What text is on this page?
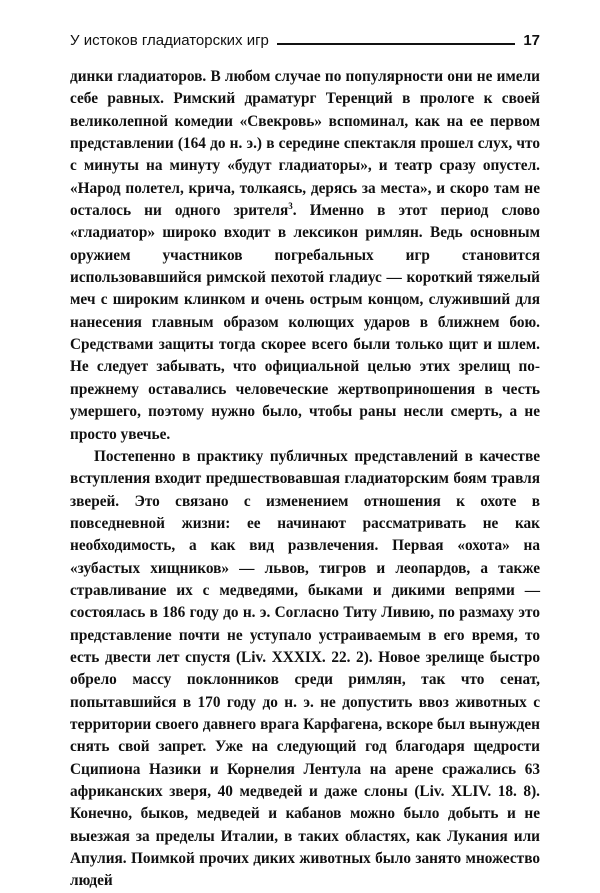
У истоков гладиаторских игр	17

динки гладиаторов. В любом случае по популярности они не имели себе равных. Римский драматург Теренций в прологе к своей великолепной комедии «Свекровь» вспоминал, как на ее первом представлении (164 до н. э.) в середине спектакля прошел слух, что с минуты на минуту «будут гладиаторы», и театр сразу опустел. «Народ полетел, крича, толкаясь, дерясь за места», и скоро там не осталось ни одного зрителя$^3$. Именно в этот период слово «гладиатор» широко входит в лексикон римлян. Ведь основным оружием участников погребальных игр становится использовавшийся римской пехотой гладиус — короткий тяжелый меч с широким клинком и очень острым концом, служивший для нанесения главным образом колющих ударов в ближнем бою. Средствами защиты тогда скорее всего были только щит и шлем. Не следует забывать, что официальной целью этих зрелищ по-прежнему оставались человеческие жертвоприношения в честь умершего, поэтому нужно было, чтобы раны несли смерть, а не просто увечье.

Постепенно в практику публичных представлений в качестве вступления входит предшествовавшая гладиаторским боям травля зверей. Это связано с изменением отношения к охоте в повседневной жизни: ее начинают рассматривать не как необходимость, а как вид развлечения. Первая «охота» на «зубастых хищников» — львов, тигров и леопардов, а также стравливание их с медведями, быками и дикими вепрями — состоялась в 186 году до н. э. Согласно Титу Ливию, по размаху это представление почти не уступало устраиваемым в его время, то есть двести лет спустя (Liv. XXXIX. 22. 2). Новое зрелище быстро обрело массу поклонников среди римлян, так что сенат, попытавшийся в 170 году до н. э. не допустить ввоз животных с территории своего давнего врага Карфагена, вскоре был вынужден снять свой запрет. Уже на следующий год благодаря щедрости Сципиона Назики и Корнелия Лентула на арене сражались 63 африканских зверя, 40 медведей и даже слоны (Liv. XLIV. 18. 8). Конечно, быков, медведей и кабанов можно было добыть и не выезжая за пределы Италии, в таких областях, как Лукания или Апулия. Поимкой прочих диких животных было занято множество людей
